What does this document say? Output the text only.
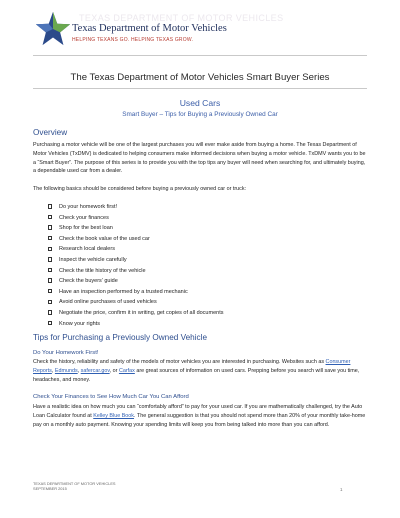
TEXAS DEPARTMENT OF MOTOR VEHICLES
Texas Department of Motor Vehicles
HELPING TEXANS GO. HELPING TEXAS GROW.
The Texas Department of Motor Vehicles Smart Buyer Series
Used Cars
Smart Buyer – Tips for Buying a Previously Owned Car
Overview

Purchasing a motor vehicle will be one of the largest purchases you will ever make aside from buying a home. The Texas Department of Motor Vehicles (TxDMV) is dedicated to helping consumers make informed decisions when buying a motor vehicle. TxDMV wants you to be a “Smart Buyer”. The purpose of this series is to provide you with the top tips any buyer will need when searching for, and ultimately buying, a dependable used car from a dealer.

The following basics should be considered before buying a previously owned car or truck:

Do your homework first!
Check your finances
Shop for the best loan
Check the book value of the used car
Research local dealers
Inspect the vehicle carefully
Check the title history of the vehicle
Check the buyers’ guide
Have an inspection performed by a trusted mechanic
Avoid online purchases of used vehicles
Negotiate the price, confirm it in writing, get copies of all documents
Know your rights
Tips for Purchasing a Previously Owned Vehicle
Do Your Homework First!

Check the history, reliability and safety of the models of motor vehicles you are interested in purchasing. Websites such as Consumer Reports, Edmunds, safercar.gov, or Carfax are great sources of information on used cars. Prepping before you search will save you time, headaches, and money.

Check Your Finances to See How Much Car You Can Afford

Have a realistic idea on how much you can “comfortably afford” to pay for your used car. If you are mathematically challenged, try the Auto Loan Calculator found at Kelley Blue Book. The general suggestion is that you should not spend more than 20% of your monthly take-home pay on a monthly auto payment. Knowing your spending limits will keep you from being talked into more than you can afford.

TEXAS DEPARTMENT OF MOTOR VEHICLES
SEPTEMBER 2015	1
